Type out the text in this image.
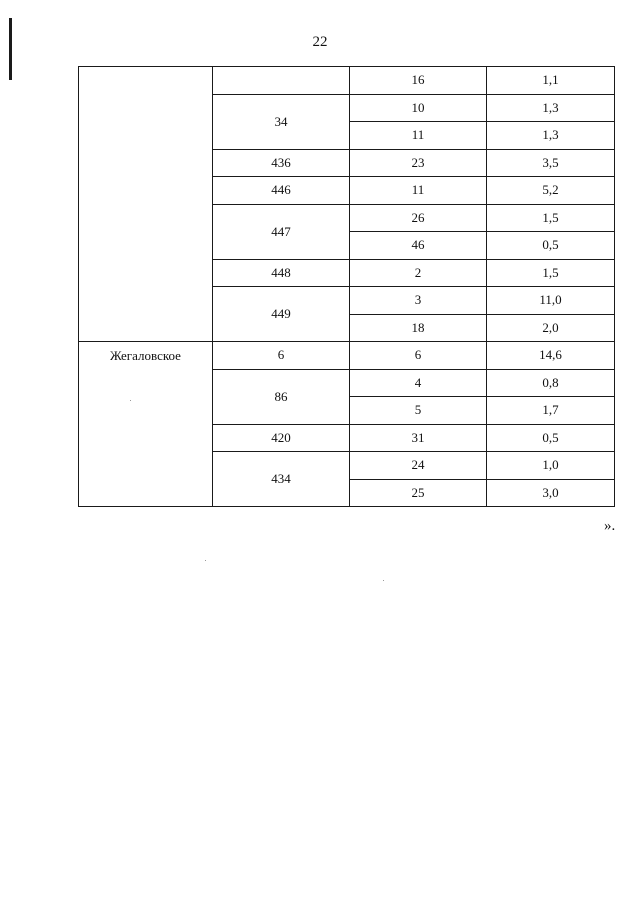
22
		16	1,1
	34	10	1,3
		11	1,3
	436	23	3,5
	446	11	5,2
	447	26	1,5
		46	0,5
	448	2	1,5
	449	3	11,0
		18	2,0
Жегаловское	6	6	14,6
	86	4	0,8
		5	1,7
	420	31	0,5
	434	24	1,0
		25	3,0
».
